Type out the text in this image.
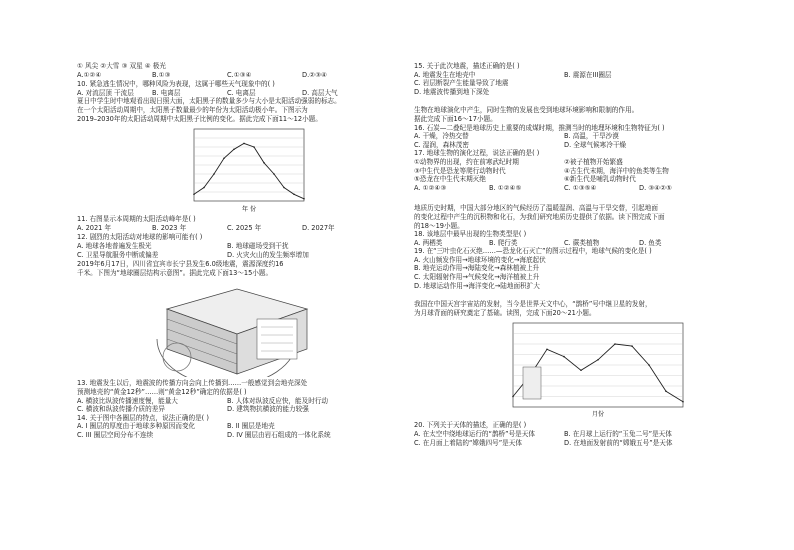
① 风尖 ②大雪 ③ 双星 ④ 极光
A.①②④	B.①③	C.①③④	D.②③④
10. 紧急逃生情况中，哪种风险为表现，这属于哪些天气现象中的( )
A. 对流层顶 干流层	B. 电离层	C. 电离层	D. 高层大气
夏日中学生时中地观看出现日照大面，太阳黑子的数量多少与大小是太阳活动强弱的标志。
在一个太阳活动周期中，太阳黑子数量最少的年份为太阳活动极小年。下图示为
2019–2030年的太阳活动周期中太阳黑子比例的变化。据此完成下面11～12小题。
年 份
11. 右图显示本周期的太阳活动峰年是( )
A. 2021 年	B. 2023 年	C. 2025 年	D. 2027年
12. 剧烈的太阳活动对地球的影响可能有( )
A. 地球各地普遍发生极光	B. 地球磁场受到干扰
C. 卫星导航服务中断或偏差	D. 火灾火山的发生频率增加
2019年6月17日，四川省宜宾市长宁县发生6.0级地震，震源深度约16
千米。下图为“地球圈层结构示意图”。据此完成下面13～15小题。
13. 地震发生以后，地震波的传播方向会向上传播到……一般感觉到会地壳深处
预测地壳的“黄金12秒”……则“黄金12秒”确定的依据是( )
A. 横波比纵波传播速度慢，能量大	B. 人体对纵波反应快，能及时行动
C. 横波和纵波传播介质的差异	D. 建筑物抗横波的能力较强
14. 关于图中各圈层的特点，说法正确的是( )
A. I 圈层的厚度由于地球多种原因而变化	B. II 圈层是地壳
C. III 圈层空间分布不连续	D. IV 圈层由岩石组成的一体化系统
15. 关于此次地震，描述正确的是( )
A. 地震发生在地壳中	B. 震源在III圈层
C. 岩层断裂产生能量导致了地震
D. 地震波传播到地下深处
生物在地球演化中产生，同时生物的发展也受到地球环境影响和限制的作用。
据此完成下面16～17小题。
16. 石炭—二叠纪是地球历史上重要的成煤时期，推测当时的地理环境和生物特征为( )
A. 干燥，冷热交替	B. 高温，干旱沙漠
C. 湿润，森林茂密	D. 全球气候寒冷干燥
17. 地球生物的演化过程，说法正确的是( )
①动物界的出现，约在前寒武纪时期	②被子植物开始繁盛
③中生代是恐龙等爬行动物时代	④古生代末期，海洋中的鱼类等生物
⑤恐龙在中生代末期灭绝	⑥新生代是哺乳动物时代
A. ①②④③	B. ①②④⑤	C. ①③⑤④	D. ③④②⑤
地质历史时期，中国大部分地区的气候经历了温暖湿润、高温与干旱交替，引起地面
的变化过程中产生的沉积物和化石，为我们研究地质历史提供了依据。读下图完成下面
的18～19小题。
18. 该地层中最早出现的生物类型是( )
A. 两栖类	B. 爬行类	C. 蕨类植物	D. 鱼类
19. 在“三叶虫化石灭绝……—恐龙化石灭亡”的图示过程中，地球气候的变化是( )
A. 火山频发作用→地球环境的变化→海底起伏
B. 地壳运动作用→海陆变化→森林植被上升
C. 太阳辐射作用→气候变化→海洋植被上升
D. 地球运动作用→海洋变化→陆地面积扩大
我国在中国天宫宇宙站的发射，当今是世界天文中心，“鹊桥”号中继卫星的发射，
为月球背面的研究奠定了基础。读图，完成下面20～21小题。
月份
20. 下列关于天体的描述，正确的是( )
A. 在太空中绕地球运行的“鹊桥”号是天体	B. 在月球上运行的“玉兔二号”是天体
C. 在月面上着陆的“嫦娥四号”是天体	D. 在地面发射前的“嫦娥五号”是天体
